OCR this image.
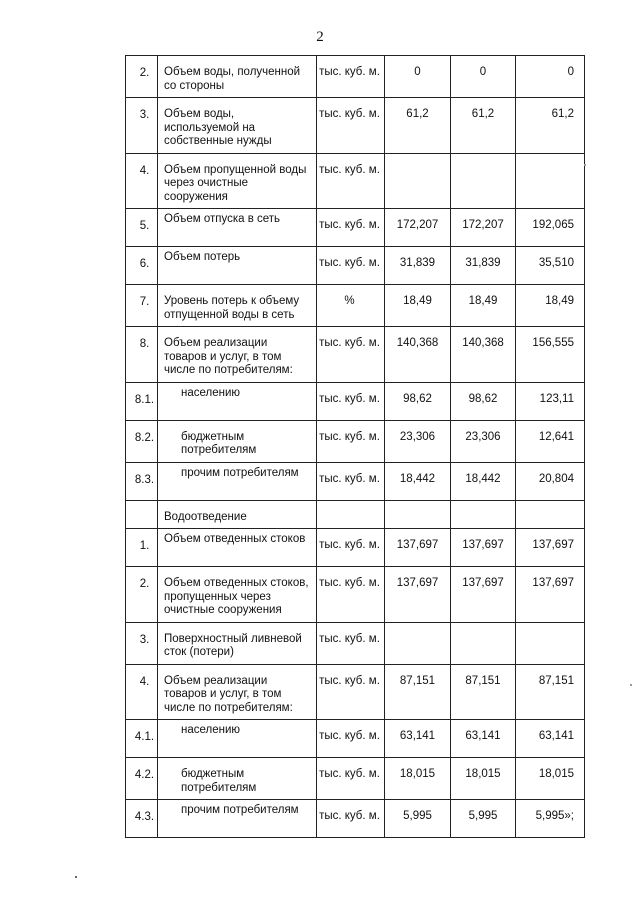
2
2.	Объем воды, полученной со стороны	тыс. куб. м.	0	0	0
3.	Объем воды, используемой на собственные нужды	тыс. куб. м.	61,2	61,2	61,2
4.	Объем пропущенной воды через очистные сооружения	тыс. куб. м.			
5.	Объем отпуска в сеть	тыс. куб. м.	172,207	172,207	192,065
6.	Объем потерь	тыс. куб. м.	31,839	31,839	35,510
7.	Уровень потерь к объему отпущенной воды в сеть	%	18,49	18,49	18,49
8.	Объем реализации товаров и услуг, в том числе по потребителям:	тыс. куб. м.	140,368	140,368	156,555
8.1.	населению	тыс. куб. м.	98,62	98,62	123,11
8.2.	бюджетным потребителям	тыс. куб. м.	23,306	23,306	12,641
8.3.	прочим потребителям	тыс. куб. м.	18,442	18,442	20,804
	Водоотведение				
1.	Объем отведенных стоков	тыс. куб. м.	137,697	137,697	137,697
2.	Объем отведенных стоков, пропущенных через очистные сооружения	тыс. куб. м.	137,697	137,697	137,697
3.	Поверхностный ливневой сток (потери)	тыс. куб. м.			
4.	Объем реализации товаров и услуг, в том числе по потребителям:	тыс. куб. м.	87,151	87,151	87,151
4.1.	населению	тыс. куб. м.	63,141	63,141	63,141
4.2.	бюджетным потребителям	тыс. куб. м.	18,015	18,015	18,015
4.3.	прочим потребителям	тыс. куб. м.	5,995	5,995	5,995»;
